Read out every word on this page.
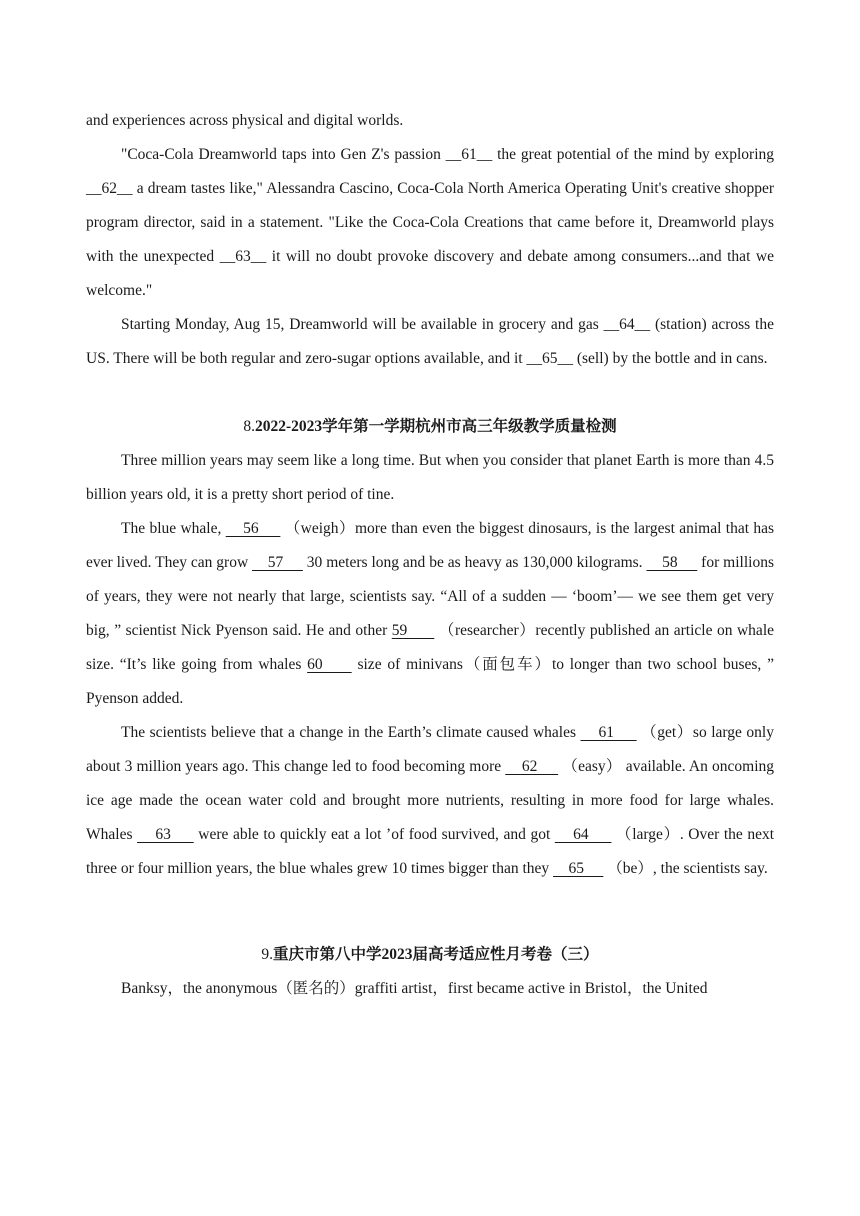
and experiences across physical and digital worlds.

"Coca-Cola Dreamworld taps into Gen Z's passion __61__ the great potential of the mind by exploring __62__ a dream tastes like," Alessandra Cascino, Coca-Cola North America Operating Unit's creative shopper program director, said in a statement. "Like the Coca-Cola Creations that came before it, Dreamworld plays with the unexpected __63__ it will no doubt provoke discovery and debate among consumers...and that we welcome."

Starting Monday, Aug 15, Dreamworld will be available in grocery and gas __64__ (station) across the US. There will be both regular and zero-sugar options available, and it __65__ (sell) by the bottle and in cans.

8.2022-2023学年第一学期杭州市高三年级教学质量检测

Three million years may seem like a long time. But when you consider that planet Earth is more than 4.5 billion years old, it is a pretty short period of tine.

The blue whale,     56      （weigh）more than even the biggest dinosaurs, is the largest animal that has ever lived. They can grow     57      30 meters long and be as heavy as 130,000 kilograms.     58      for millions of years, they were not nearly that large, scientists say. “All of a sudden — ‘boom’— we see them get very big, ” scientist Nick Pyenson said. He and other 59       （researcher）recently published an article on whale size. “It’s like going from whales 60      size of minivans（面包车）to longer than two school buses, ” Pyenson added.

The scientists believe that a change in the Earth’s climate caused whales     61      （get）so large only about 3 million years ago. This change led to food becoming more     62      （easy） available. An oncoming ice age made the ocean water cold and brought more nutrients, resulting in more food for large whales. Whales     63      were able to quickly eat a lot ’of food survived, and got     64      （large）. Over the next three or four million years, the blue whales grew 10 times bigger than they     65      （be）, the scientists say.

9.重庆市第八中学2023届高考适应性月考卷（三）

Banksy，the anonymous（匿名的）graffiti artist，first became active in Bristol，the United
